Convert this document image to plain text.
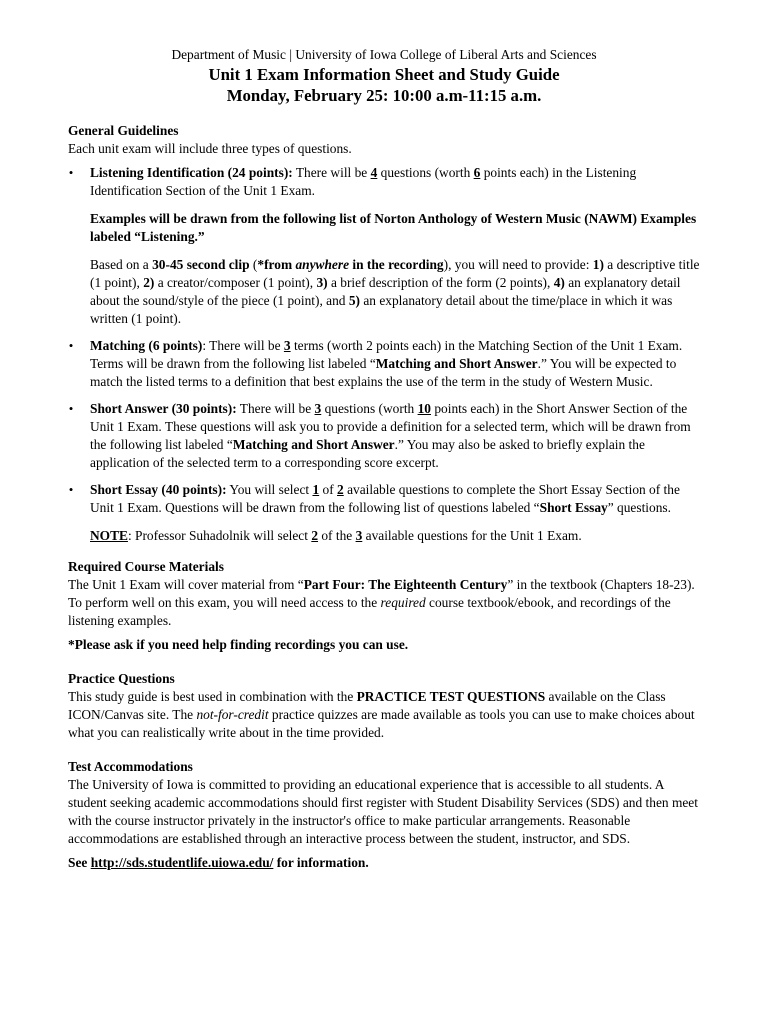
Department of Music | University of Iowa College of Liberal Arts and Sciences

Unit 1 Exam Information Sheet and Study Guide

Monday, February 25: 10:00 a.m-11:15 a.m.

General Guidelines

Each unit exam will include three types of questions.

• Listening Identification (24 points): There will be 4 questions (worth 6 points each) in the Listening Identification Section of the Unit 1 Exam.

Examples will be drawn from the following list of Norton Anthology of Western Music (NAWM) Examples labeled “Listening.”

Based on a 30-45 second clip (*from anywhere in the recording), you will need to provide: 1) a descriptive title (1 point), 2) a creator/composer (1 point), 3) a brief description of the form (2 points), 4) an explanatory detail about the sound/style of the piece (1 point), and 5) an explanatory detail about the time/place in which it was written (1 point).

• Matching (6 points): There will be 3 terms (worth 2 points each) in the Matching Section of the Unit 1 Exam. Terms will be drawn from the following list labeled “Matching and Short Answer.” You will be expected to match the listed terms to a definition that best explains the use of the term in the study of Western Music.

• Short Answer (30 points): There will be 3 questions (worth 10 points each) in the Short Answer Section of the Unit 1 Exam. These questions will ask you to provide a definition for a selected term, which will be drawn from the following list labeled “Matching and Short Answer.” You may also be asked to briefly explain the application of the selected term to a corresponding score excerpt.

• Short Essay (40 points): You will select 1 of 2 available questions to complete the Short Essay Section of the Unit 1 Exam. Questions will be drawn from the following list of questions labeled “Short Essay” questions.

NOTE: Professor Suhadolnik will select 2 of the 3 available questions for the Unit 1 Exam.

Required Course Materials

The Unit 1 Exam will cover material from “Part Four: The Eighteenth Century” in the textbook (Chapters 18-23). To perform well on this exam, you will need access to the required course textbook/ebook, and recordings of the listening examples.

*Please ask if you need help finding recordings you can use.

Practice Questions

This study guide is best used in combination with the PRACTICE TEST QUESTIONS available on the Class ICON/Canvas site. The not-for-credit practice quizzes are made available as tools you can use to make choices about what you can realistically write about in the time provided.

Test Accommodations

The University of Iowa is committed to providing an educational experience that is accessible to all students. A student seeking academic accommodations should first register with Student Disability Services (SDS) and then meet with the course instructor privately in the instructor's office to make particular arrangements. Reasonable accommodations are established through an interactive process between the student, instructor, and SDS.

See http://sds.studentlife.uiowa.edu/ for information.
